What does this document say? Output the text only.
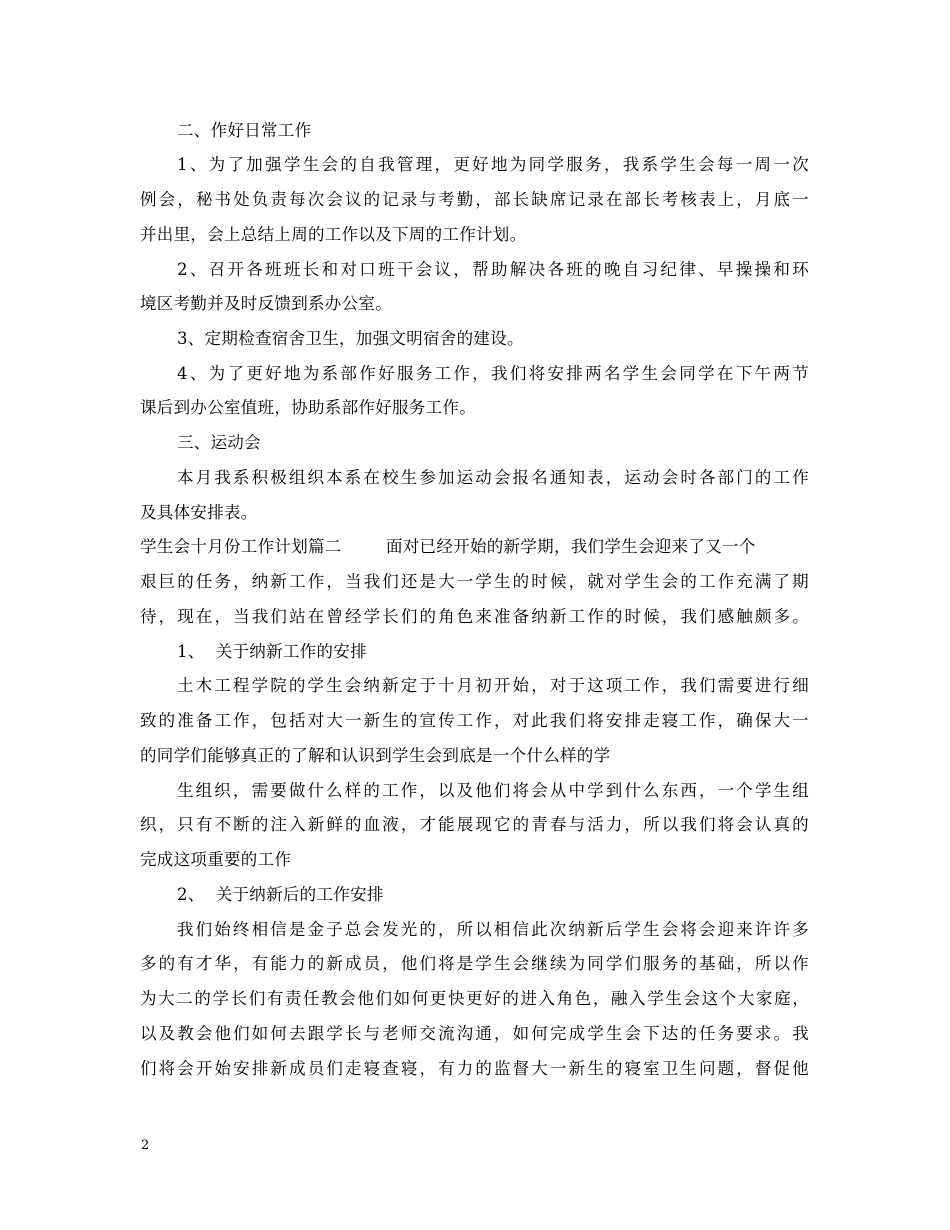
二、作好日常工作
1、为了加强学生会的自我管理，更好地为同学服务，我系学生会每一周一次
例会，秘书处负责每次会议的记录与考勤，部长缺席记录在部长考核表上，月底一
并出里，会上总结上周的工作以及下周的工作计划。
2、召开各班班长和对口班干会议，帮助解决各班的晚自习纪律、早操操和环
境区考勤并及时反馈到系办公室。
3、定期检查宿舍卫生，加强文明宿舍的建设。
4、为了更好地为系部作好服务工作，我们将安排两名学生会同学在下午两节
课后到办公室值班，协助系部作好服务工作。
三、运动会
本月我系积极组织本系在校生参加运动会报名通知表，运动会时各部门的工作
及具体安排表。
学生会十月份工作计划篇二        面对已经开始的新学期，我们学生会迎来了又一个
艰巨的任务，纳新工作，当我们还是大一学生的时候，就对学生会的工作充满了期
待，现在，当我们站在曾经学长们的角色来准备纳新工作的时候，我们感触颇多。
1、  关于纳新工作的安排
土木工程学院的学生会纳新定于十月初开始，对于这项工作，我们需要进行细
致的准备工作，包括对大一新生的宣传工作，对此我们将安排走寝工作，确保大一
的同学们能够真正的了解和认识到学生会到底是一个什么样的学
生组织，需要做什么样的工作，以及他们将会从中学到什么东西，一个学生组
织，只有不断的注入新鲜的血液，才能展现它的青春与活力，所以我们将会认真的
完成这项重要的工作
2、  关于纳新后的工作安排
我们始终相信是金子总会发光的，所以相信此次纳新后学生会将会迎来许许多
多的有才华，有能力的新成员，他们将是学生会继续为同学们服务的基础，所以作
为大二的学长们有责任教会他们如何更快更好的进入角色，融入学生会这个大家庭，
以及教会他们如何去跟学长与老师交流沟通，如何完成学生会下达的任务要求。我
们将会开始安排新成员们走寝查寝，有力的监督大一新生的寝室卫生问题，督促他
2
